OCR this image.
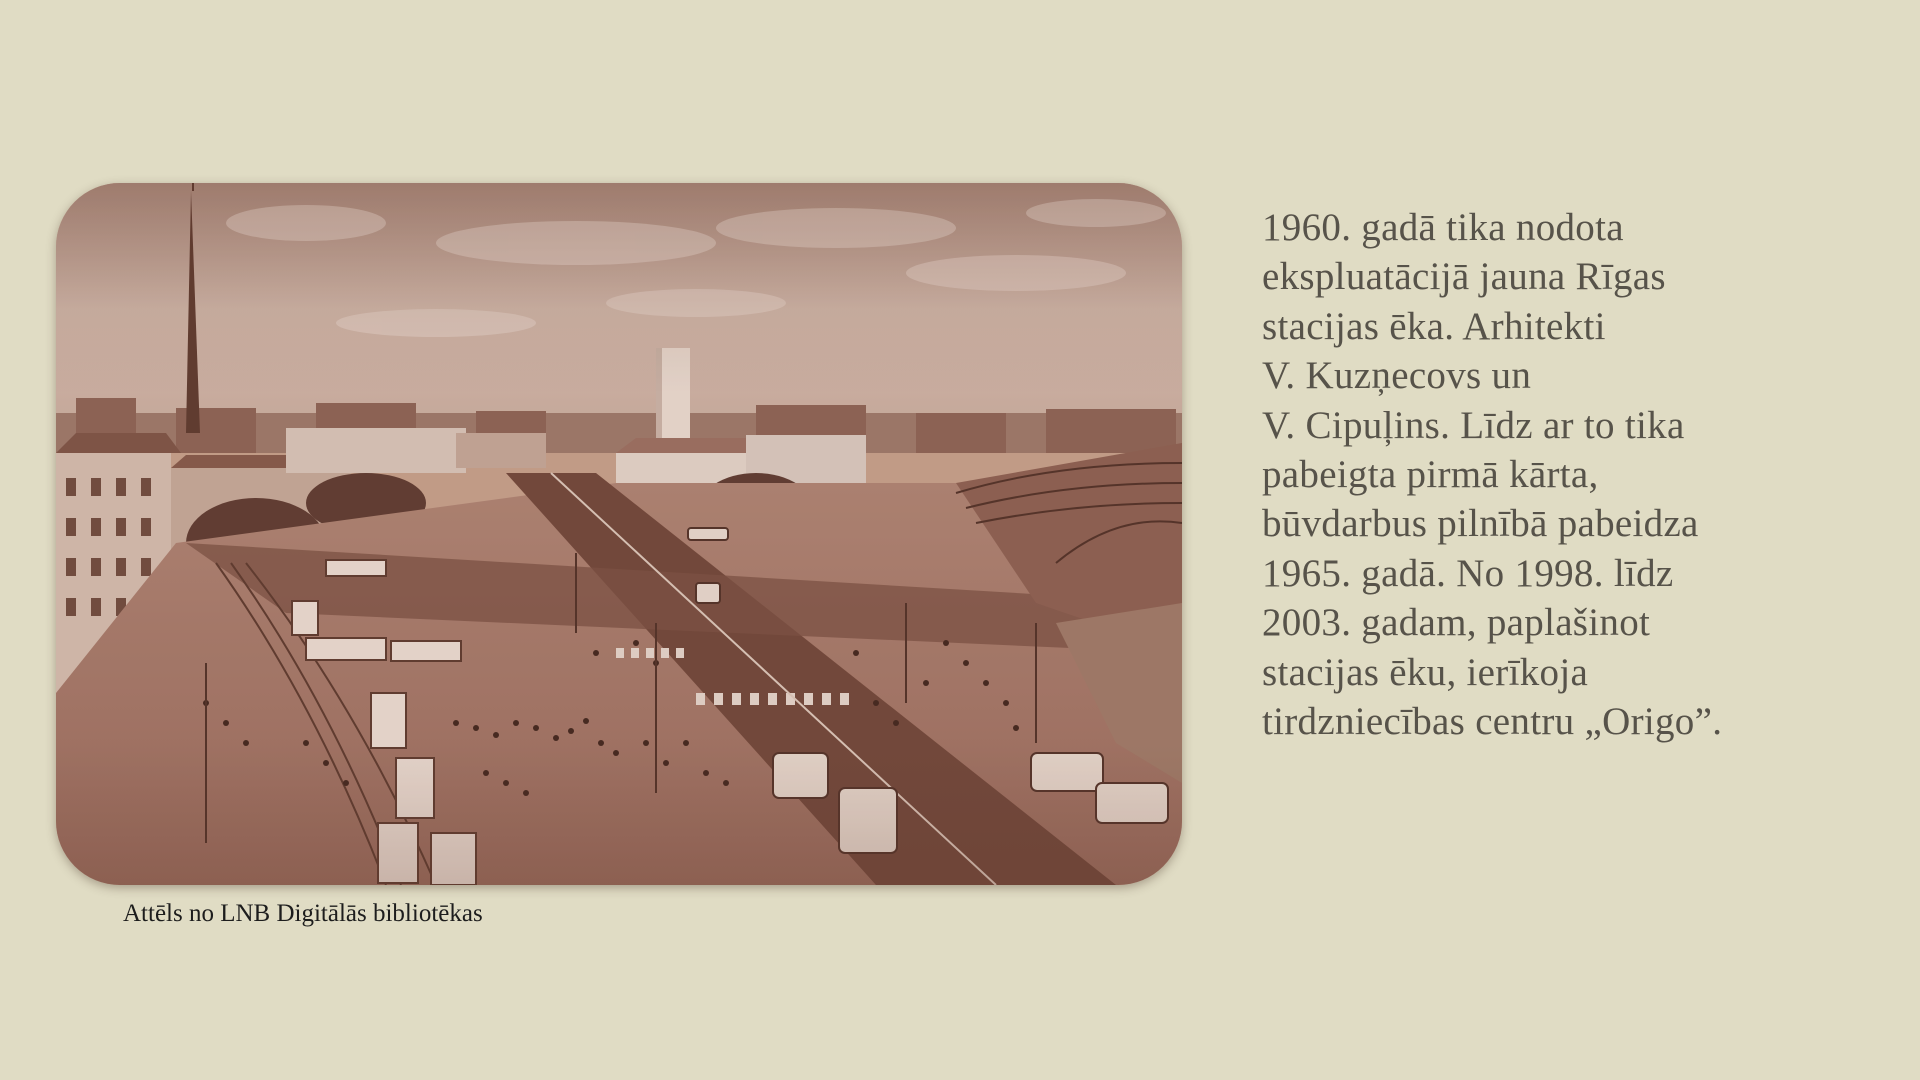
Attēls no LNB Digitālās bibliotēkas
1960. gadā tika nodota
ekspluatācijā jauna Rīgas
stacijas ēka. Arhitekti
V. Kuzņecovs un
V. Cipuļins. Līdz ar to tika
pabeigta pirmā kārta,
būvdarbus pilnībā pabeidza
1965. gadā. No 1998. līdz
2003. gadam, paplašinot
stacijas ēku, ierīkoja
tirdzniecības centru „Origo”.
